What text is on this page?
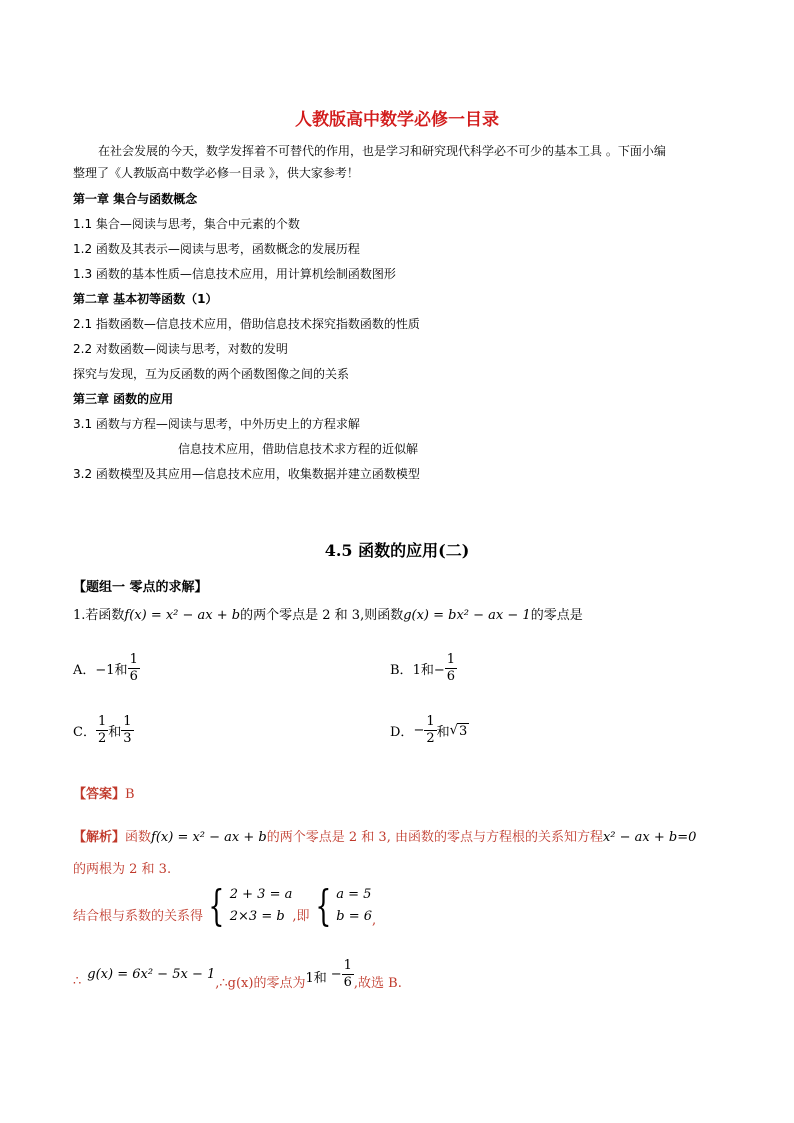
人教版高中数学必修一目录
在社会发展的今天，数学发挥着不可替代的作用，也是学习和研究现代科学必不可少的基本工具 。下面小编
整理了《人教版高中数学必修一目录 》，供大家参考！
第一章 集合与函数概念
1.1 集合—阅读与思考，集合中元素的个数
1.2 函数及其表示—阅读与思考，函数概念的发展历程
1.3 函数的基本性质—信息技术应用，用计算机绘制函数图形
第二章 基本初等函数（1）
2.1 指数函数—信息技术应用，借助信息技术探究指数函数的性质
2.2 对数函数—阅读与思考，对数的发明
探究与发现，互为反函数的两个函数图像之间的关系
第三章 函数的应用
3.1 函数与方程—阅读与思考，中外历史上的方程求解
信息技术应用，借助信息技术求方程的近似解
3.2 函数模型及其应用—信息技术应用，收集数据并建立函数模型
4.5 函数的应用(二)
【题组一 零点的求解】
1.若函数f(x) = x² − ax + b的两个零点是 2 和 3,则函数g(x) = bx² − ax − 1的零点是
A． −1和 $\frac{1}{6}$	B． 1和− $\frac{1}{6}$
C． $\frac{1}{2}$ 和 $\frac{1}{3}$	D． − $\frac{1}{2}$ 和 √ 3
【答案】B
【解析】函数f(x) = x² − ax + b的两个零点是 2 和 3, 由函数的零点与方程根的关系知方程x² − ax + b=0
的两根为 2 和 3.
结合根与系数的关系得 { 2 + 3 = a
2×3 = b ,即 { a = 5
b = 6 ,
∴ g(x) = 6x² − 5x − 1
,∴g(x)的零点为 1和 − $\frac{1}{6}$ ,故选 B.
